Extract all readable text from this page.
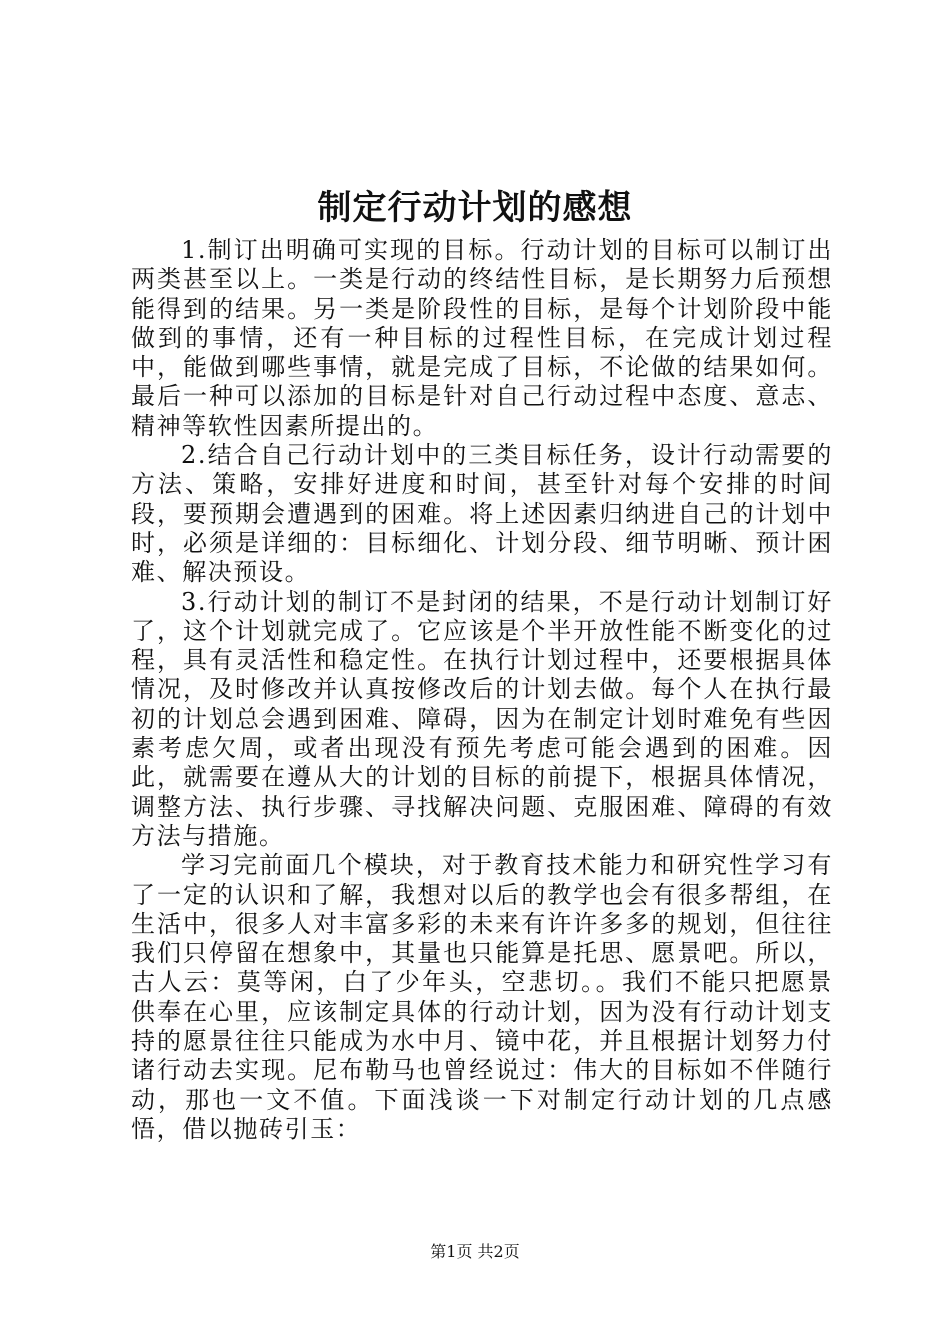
制定行动计划的感想

1.制订出明确可实现的目标。行动计划的目标可以制订出两类甚至以上。一类是行动的终结性目标，是长期努力后预想能得到的结果。另一类是阶段性的目标，是每个计划阶段中能做到的事情，还有一种目标的过程性目标，在完成计划过程中，能做到哪些事情，就是完成了目标，不论做的结果如何。最后一种可以添加的目标是针对自己行动过程中态度、意志、精神等软性因素所提出的。

2.结合自己行动计划中的三类目标任务，设计行动需要的方法、策略，安排好进度和时间，甚至针对每个安排的时间段，要预期会遭遇到的困难。将上述因素归纳进自己的计划中时，必须是详细的：目标细化、计划分段、细节明晰、预计困难、解决预设。

3.行动计划的制订不是封闭的结果，不是行动计划制订好了，这个计划就完成了。它应该是个半开放性能不断变化的过程，具有灵活性和稳定性。在执行计划过程中，还要根据具体情况，及时修改并认真按修改后的计划去做。每个人在执行最初的计划总会遇到困难、障碍，因为在制定计划时难免有些因素考虑欠周，或者出现没有预先考虑可能会遇到的困难。因此，就需要在遵从大的计划的目标的前提下，根据具体情况，调整方法、执行步骤、寻找解决问题、克服困难、障碍的有效方法与措施。

学习完前面几个模块，对于教育技术能力和研究性学习有了一定的认识和了解，我想对以后的教学也会有很多帮组，在生活中，很多人对丰富多彩的未来有许许多多的规划，但往往我们只停留在想象中，其量也只能算是托思、愿景吧。所以，古人云：莫等闲，白了少年头，空悲切。。我们不能只把愿景供奉在心里，应该制定具体的行动计划，因为没有行动计划支持的愿景往往只能成为水中月、镜中花，并且根据计划努力付诸行动去实现。尼布勒马也曾经说过：伟大的目标如不伴随行动，那也一文不值。下面浅谈一下对制定行动计划的几点感悟，借以抛砖引玉：

第1页 共2页
